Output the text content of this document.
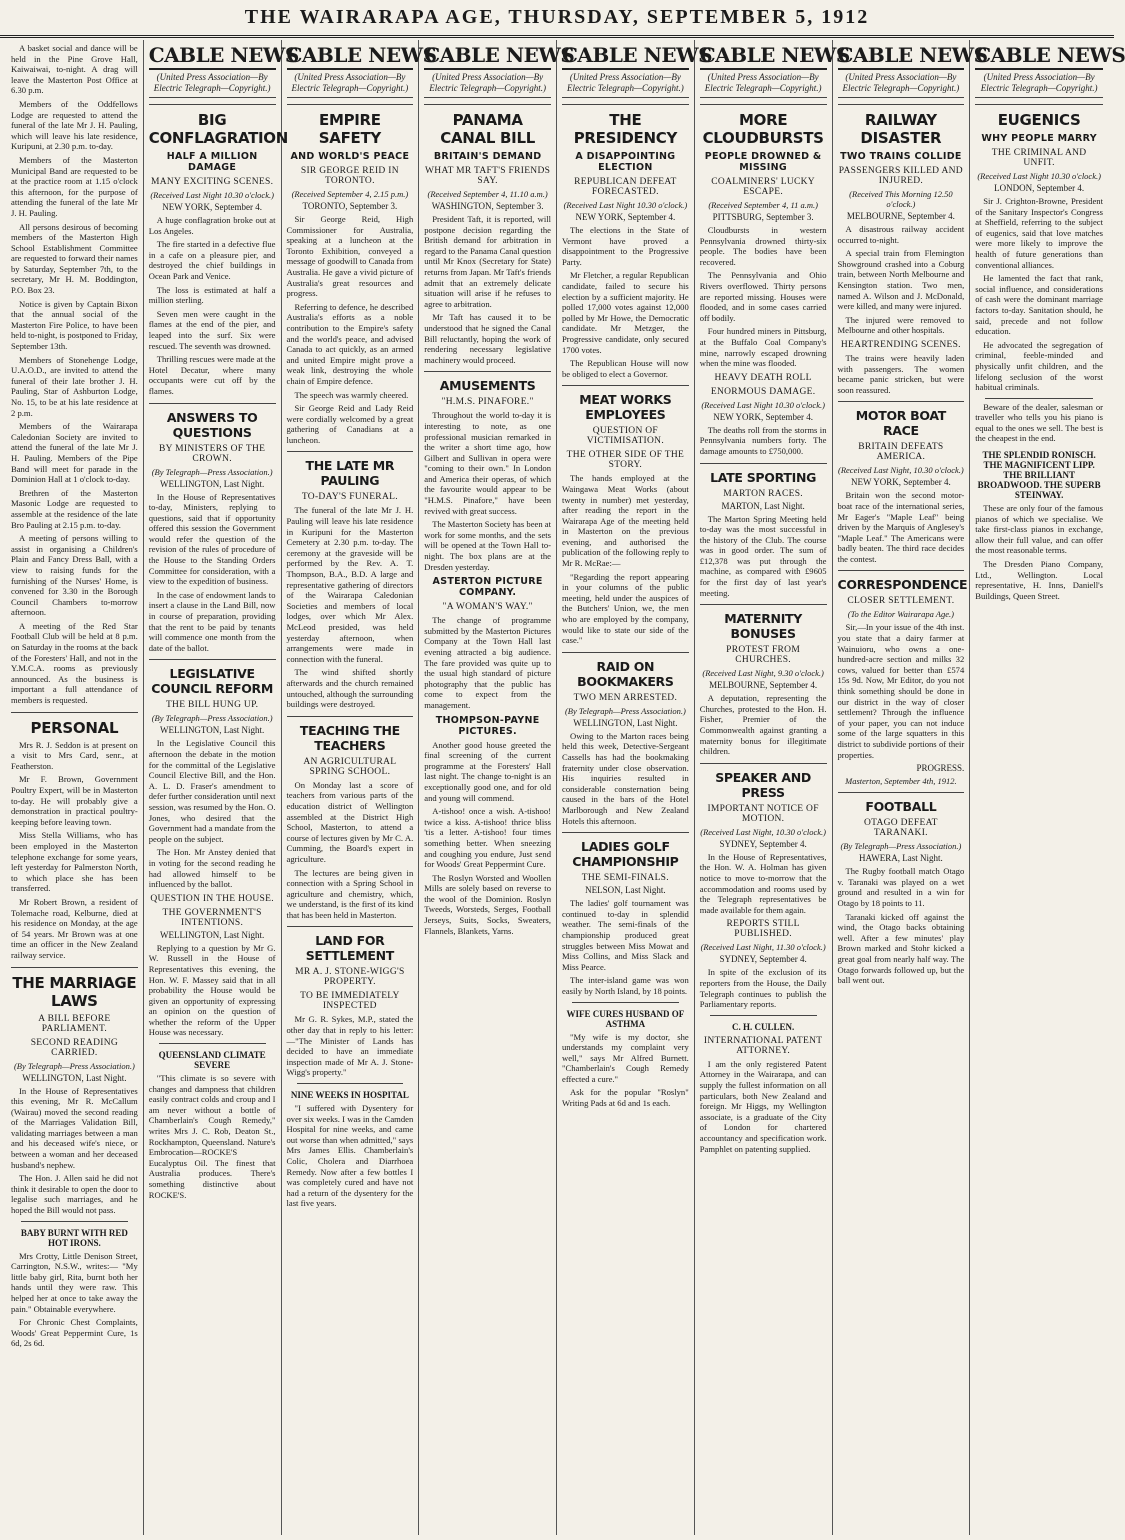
THE WAIRARAPA AGE, THURSDAY, SEPTEMBER 5, 1912

A basket social and dance will be held in the Pine Grove Hall, Kaiwaiwai, to-night. A drag will leave the Masterton Post Office at 6.30 p.m.

Members of the Oddfellows Lodge are requested to attend the funeral of the late Mr J. H. Pauling, which will leave his late residence, Kuripuni, at 2.30 p.m. to-day.

Members of the Masterton Municipal Band are requested to be at the practice room at 1.15 o'clock this afternoon, for the purpose of attending the funeral of the late Mr J. H. Pauling.

All persons desirous of becoming members of the Masterton High School Establishment Committee are requested to forward their names by Saturday, September 7th, to the secretary, Mr H. M. Boddington, P.O. Box 23.

Notice is given by Captain Bixon that the annual social of the Masterton Fire Police, to have been held to-night, is postponed to Friday, September 13th.

Members of Stonehenge Lodge, U.A.O.D., are invited to attend the funeral of their late brother J. H. Pauling, Star of Ashburton Lodge, No. 15, to be at his late residence at 2 p.m.

Members of the Wairarapa Caledonian Society are invited to attend the funeral of the late Mr J. H. Pauling. Members of the Pipe Band will meet for parade in the Dominion Hall at 1 o'clock to-day.

Brethren of the Masterton Masonic Lodge are requested to assemble at the residence of the late Bro Pauling at 2.15 p.m. to-day.

A meeting of persons willing to assist in organising a Children's Plain and Fancy Dress Ball, with a view to raising funds for the furnishing of the Nurses' Home, is convened for 3.30 in the Borough Council Chambers to-morrow afternoon.

A meeting of the Red Star Football Club will be held at 8 p.m. on Saturday in the rooms at the back of the Foresters' Hall, and not in the Y.M.C.A. rooms as previously announced. As the business is important a full attendance of members is requested.

PERSONAL

Mrs R. J. Seddon is at present on a visit to Mrs Card, senr., at Featherston.

Mr F. Brown, Government Poultry Expert, will be in Masterton to-day. He will probably give a demonstration in practical poultry-keeping before leaving town.

Miss Stella Williams, who has been employed in the Masterton telephone exchange for some years, left yesterday for Palmerston North, to which place she has been transferred.

Mr Robert Brown, a resident of Tolemache road, Kelburne, died at his residence on Monday, at the age of 54 years. Mr Brown was at one time an officer in the New Zealand railway service.

THE MARRIAGE LAWS
A BILL BEFORE PARLIAMENT.
SECOND READING CARRIED.
(By Telegraph—Press Association.)
WELLINGTON, Last Night.

In the House of Representatives this evening, Mr R. McCallum (Wairau) moved the second reading of the Marriages Validation Bill, validating marriages between a man and his deceased wife's niece, or between a woman and her deceased husband's nephew.

The Hon. J. Allen said he did not think it desirable to open the door to legalise such marriages, and he hoped the Bill would not pass.

BABY BURNT WITH RED HOT IRONS.

Mrs Crotty, Little Denison Street, Carrington, N.S.W., writes:— "My little baby girl, Rita, burnt both her hands until they were raw. This helped her at once to take away the pain." Obtainable everywhere.

For Chronic Chest Complaints, Woods' Great Peppermint Cure, 1s 6d, 2s 6d.

CABLE NEWS
(United Press Association—By Electric Telegraph—Copyright.)
BIG CONFLAGRATION
HALF A MILLION DAMAGE
MANY EXCITING SCENES.
(Received Last Night 10.30 o'clock.)
NEW YORK, September 4.

A huge conflagration broke out at Los Angeles.

The fire started in a defective flue in a cafe on a pleasure pier, and destroyed the chief buildings in Ocean Park and Venice.

The loss is estimated at half a million sterling.

Seven men were caught in the flames at the end of the pier, and leaped into the surf. Six were rescued. The seventh was drowned.

Thrilling rescues were made at the Hotel Decatur, where many occupants were cut off by the flames.

ANSWERS TO QUESTIONS
BY MINISTERS OF THE CROWN.
(By Telegraph—Press Association.)
WELLINGTON, Last Night.

In the House of Representatives to-day, Ministers, replying to questions, said that if opportunity offered this session the Government would refer the question of the revision of the rules of procedure of the House to the Standing Orders Committee for consideration, with a view to the expedition of business.

In the case of endowment lands to insert a clause in the Land Bill, now in course of preparation, providing that the rent to be paid by tenants will commence one month from the date of the ballot.

LEGISLATIVE COUNCIL REFORM
THE BILL HUNG UP.
(By Telegraph—Press Association.)
WELLINGTON, Last Night.

In the Legislative Council this afternoon the debate in the motion for the committal of the Legislative Council Elective Bill, and the Hon. A. L. D. Fraser's amendment to defer further consideration until next session, was resumed by the Hon. O. Jones, who desired that the Government had a mandate from the people on the subject.

The Hon. Mr Anstey denied that in voting for the second reading he had allowed himself to be influenced by the ballot.

QUESTION IN THE HOUSE.
THE GOVERNMENT'S INTENTIONS.
WELLINGTON, Last Night.

Replying to a question by Mr G. W. Russell in the House of Representatives this evening, the Hon. W. F. Massey said that in all probability the House would be given an opportunity of expressing an opinion on the question of whether the reform of the Upper House was necessary.

QUEENSLAND CLIMATE SEVERE

"This climate is so severe with changes and dampness that children easily contract colds and croup and I am never without a bottle of Chamberlain's Cough Remedy," writes Mrs J. C. Rob, Deaton St., Rockhampton, Queensland. Nature's Embrocation—ROCKE'S Eucalyptus Oil. The finest that Australia produces. There's something distinctive about ROCKE'S.

CABLE NEWS
(United Press Association—By Electric Telegraph—Copyright.)
EMPIRE SAFETY
AND WORLD'S PEACE
SIR GEORGE REID IN TORONTO.
(Received September 4, 2.15 p.m.)
TORONTO, September 3.

Sir George Reid, High Commissioner for Australia, speaking at a luncheon at the Toronto Exhibition, conveyed a message of goodwill to Canada from Australia. He gave a vivid picture of Australia's great resources and progress.

Referring to defence, he described Australia's efforts as a noble contribution to the Empire's safety and the world's peace, and advised Canada to act quickly, as an armed and united Empire might prove a weak link, destroying the whole chain of Empire defence.

The speech was warmly cheered.

Sir George Reid and Lady Reid were cordially welcomed by a great gathering of Canadians at a luncheon.

THE LATE MR PAULING
TO-DAY'S FUNERAL.

The funeral of the late Mr J. H. Pauling will leave his late residence in Kuripuni for the Masterton Cemetery at 2.30 p.m. to-day. The ceremony at the graveside will be performed by the Rev. A. T. Thompson, B.A., B.D. A large and representative gathering of directors of the Wairarapa Caledonian Societies and members of local lodges, over which Mr Alex. McLeod presided, was held yesterday afternoon, when arrangements were made in connection with the funeral.

The wind shifted shortly afterwards and the church remained untouched, although the surrounding buildings were destroyed.

TEACHING THE TEACHERS
AN AGRICULTURAL SPRING SCHOOL.

On Monday last a score of teachers from various parts of the education district of Wellington assembled at the District High School, Masterton, to attend a course of lectures given by Mr C. A. Cumming, the Board's expert in agriculture.

The lectures are being given in connection with a Spring School in agriculture and chemistry, which, we understand, is the first of its kind that has been held in Masterton.

LAND FOR SETTLEMENT
MR A. J. STONE-WIGG'S PROPERTY.
TO BE IMMEDIATELY INSPECTED

Mr G. R. Sykes, M.P., stated the other day that in reply to his letter:—"The Minister of Lands has decided to have an immediate inspection made of Mr A. J. Stone-Wigg's property."

NINE WEEKS IN HOSPITAL

"I suffered with Dysentery for over six weeks. I was in the Camden Hospital for nine weeks, and came out worse than when admitted," says Mrs James Ellis. Chamberlain's Colic, Cholera and Diarrhoea Remedy. Now after a few bottles I was completely cured and have not had a return of the dysentery for the last five years.

CABLE NEWS
(United Press Association—By Electric Telegraph—Copyright.)
PANAMA CANAL BILL
BRITAIN'S DEMAND
WHAT MR TAFT'S FRIENDS SAY.
(Received September 4, 11.10 a.m.)
WASHINGTON, September 3.

President Taft, it is reported, will postpone decision regarding the British demand for arbitration in regard to the Panama Canal question until Mr Knox (Secretary for State) returns from Japan. Mr Taft's friends admit that an extremely delicate situation will arise if he refuses to agree to arbitration.

Mr Taft has caused it to be understood that he signed the Canal Bill reluctantly, hoping the work of rendering necessary legislative machinery would proceed.

AMUSEMENTS
"H.M.S. PINAFORE."

Throughout the world to-day it is interesting to note, as one professional musician remarked in the writer a short time ago, how Gilbert and Sullivan in opera were "coming to their own." In London and America their operas, of which the favourite would appear to be "H.M.S. Pinafore," have been revived with great success.

The Masterton Society has been at work for some months, and the sets will be opened at the Town Hall to-night. The box plans are at the Dresden yesterday.

ASTERTON PICTURE COMPANY.
"A WOMAN'S WAY."

The change of programme submitted by the Masterton Pictures Company at the Town Hall last evening attracted a big audience. The fare provided was quite up to the usual high standard of picture photography that the public has come to expect from the management.

THOMPSON-PAYNE PICTURES.

Another good house greeted the final screening of the current programme at the Foresters' Hall last night. The change to-night is an exceptionally good one, and for old and young will commend.

A-tishoo! once a wish. A-tishoo! twice a kiss. A-tishoo! thrice bliss 'tis a letter. A-tishoo! four times something better. When sneezing and coughing you endure, Just send for Woods' Great Peppermint Cure.

The Roslyn Worsted and Woollen Mills are solely based on reverse to the wool of the Dominion. Roslyn Tweeds, Worsteds, Serges, Football Jerseys, Suits, Socks, Sweaters, Flannels, Blankets, Yarns.

CABLE NEWS
(United Press Association—By Electric Telegraph—Copyright.)
THE PRESIDENCY
A DISAPPOINTING ELECTION
REPUBLICAN DEFEAT FORECASTED.
(Received Last Night 10.30 o'clock.)
NEW YORK, September 4.

The elections in the State of Vermont have proved a disappointment to the Progressive Party.

Mr Fletcher, a regular Republican candidate, failed to secure his election by a sufficient majority. He polled 17,000 votes against 12,000 polled by Mr Howe, the Democratic candidate. Mr Metzger, the Progressive candidate, only secured 1700 votes.

The Republican House will now be obliged to elect a Governor.

MEAT WORKS EMPLOYEES
QUESTION OF VICTIMISATION.
THE OTHER SIDE OF THE STORY.

The hands employed at the Waingawa Meat Works (about twenty in number) met yesterday, after reading the report in the Wairarapa Age of the meeting held in Masterton on the previous evening, and authorised the publication of the following reply to Mr R. McRae:—

"Regarding the report appearing in your columns of the public meeting, held under the auspices of the Butchers' Union, we, the men who are employed by the company, would like to state our side of the case."

RAID ON BOOKMAKERS
TWO MEN ARRESTED.
(By Telegraph—Press Association.)
WELLINGTON, Last Night.

Owing to the Marton races being held this week, Detective-Sergeant Cassells has had the bookmaking fraternity under close observation. His inquiries resulted in considerable consternation being caused in the bars of the Hotel Marlborough and New Zealand Hotels this afternoon.

LADIES GOLF CHAMPIONSHIP
THE SEMI-FINALS.
NELSON, Last Night.

The ladies' golf tournament was continued to-day in splendid weather. The semi-finals of the championship produced great struggles between Miss Mowat and Miss Collins, and Miss Slack and Miss Pearce.

The inter-island game was won easily by North Island, by 18 points.

WIFE CURES HUSBAND OF ASTHMA

"My wife is my doctor, she understands my complaint very well," says Mr Alfred Burnett. "Chamberlain's Cough Remedy effected a cure."

Ask for the popular "Roslyn" Writing Pads at 6d and 1s each.

CABLE NEWS
(United Press Association—By Electric Telegraph—Copyright.)
MORE CLOUDBURSTS
PEOPLE DROWNED & MISSING
COALMINERS' LUCKY ESCAPE.
(Received September 4, 11 a.m.)
PITTSBURG, September 3.

Cloudbursts in western Pennsylvania drowned thirty-six people. The bodies have been recovered.

The Pennsylvania and Ohio Rivers overflowed. Thirty persons are reported missing. Houses were flooded, and in some cases carried off bodily.

Four hundred miners in Pittsburg, at the Buffalo Coal Company's mine, narrowly escaped drowning when the mine was flooded.

HEAVY DEATH ROLL
ENORMOUS DAMAGE.
(Received Last Night 10.30 o'clock.)
NEW YORK, September 4.

The deaths roll from the storms in Pennsylvania numbers forty. The damage amounts to £750,000.

LATE SPORTING
MARTON RACES.
MARTON, Last Night.

The Marton Spring Meeting held to-day was the most successful in the history of the Club. The course was in good order. The sum of £12,378 was put through the machine, as compared with £9605 for the first day of last year's meeting.

MATERNITY BONUSES
PROTEST FROM CHURCHES.
(Received Last Night, 9.30 o'clock.)
MELBOURNE, September 4.

A deputation, representing the Churches, protested to the Hon. H. Fisher, Premier of the Commonwealth against granting a maternity bonus for illegitimate children.

SPEAKER AND PRESS
IMPORTANT NOTICE OF MOTION.
(Received Last Night, 10.30 o'clock.)
SYDNEY, September 4.

In the House of Representatives, the Hon. W. A. Holman has given notice to move to-morrow that the accommodation and rooms used by the Telegraph representatives be made available for them again.

REPORTS STILL PUBLISHED.
(Received Last Night, 11.30 o'clock.)
SYDNEY, September 4.

In spite of the exclusion of its reporters from the House, the Daily Telegraph continues to publish the Parliamentary reports.

C. H. CULLEN.
INTERNATIONAL PATENT ATTORNEY.

I am the only registered Patent Attorney in the Wairarapa, and can supply the fullest information on all particulars, both New Zealand and foreign. Mr Higgs, my Wellington associate, is a graduate of the City of London for chartered accountancy and specification work. Pamphlet on patenting supplied.

CABLE NEWS
(United Press Association—By Electric Telegraph—Copyright.)
RAILWAY DISASTER
TWO TRAINS COLLIDE
PASSENGERS KILLED AND INJURED.
(Received This Morning 12.50 o'clock.)
MELBOURNE, September 4.

A disastrous railway accident occurred to-night.

A special train from Flemington Showground crashed into a Coburg train, between North Melbourne and Kensington station. Two men, named A. Wilson and J. McDonald, were killed, and many were injured.

The injured were removed to Melbourne and other hospitals.

HEARTRENDING SCENES.

The trains were heavily laden with passengers. The women became panic stricken, but were soon reassured.

MOTOR BOAT RACE
BRITAIN DEFEATS AMERICA.
(Received Last Night, 10.30 o'clock.)
NEW YORK, September 4.

Britain won the second motor-boat race of the international series, Mr Eager's "Maple Leaf" being driven by the Marquis of Anglesey's "Maple Leaf." The Americans were badly beaten. The third race decides the contest.

CORRESPONDENCE
CLOSER SETTLEMENT.
(To the Editor Wairarapa Age.)

Sir,—In your issue of the 4th inst. you state that a dairy farmer at Wainuioru, who owns a one-hundred-acre section and milks 32 cows, valued for better than £574 15s 9d. Now, Mr Editor, do you not think something should be done in our district in the way of closer settlement? Through the influence of your paper, you can not induce some of the large squatters in this district to subdivide portions of their properties.

PROGRESS.
Masterton, September 4th, 1912.
FOOTBALL
OTAGO DEFEAT TARANAKI.
(By Telegraph—Press Association.)
HAWERA, Last Night.

The Rugby football match Otago v. Taranaki was played on a wet ground and resulted in a win for Otago by 18 points to 11.

Taranaki kicked off against the wind, the Otago backs obtaining well. After a few minutes' play Brown marked and Stohr kicked a great goal from nearly half way. The Otago forwards followed up, but the ball went out.

CABLE NEWS
(United Press Association—By Electric Telegraph—Copyright.)
EUGENICS
WHY PEOPLE MARRY
THE CRIMINAL AND UNFIT.
(Received Last Night 10.30 o'clock.)
LONDON, September 4.

Sir J. Crighton-Browne, President of the Sanitary Inspector's Congress at Sheffield, referring to the subject of eugenics, said that love matches were more likely to improve the health of future generations than conventional alliances.

He lamented the fact that rank, social influence, and considerations of cash were the dominant marriage factors to-day. Sanitation should, he said, precede and not follow education.

He advocated the segregation of criminal, feeble-minded and physically unfit children, and the lifelong seclusion of the worst habitual criminals.

Beware of the dealer, salesman or traveller who tells you his piano is equal to the ones we sell. The best is the cheapest in the end.

THE SPLENDID RONISCH. THE MAGNIFICENT LIPP. THE BRILLIANT BROADWOOD. THE SUPERB STEINWAY.

These are only four of the famous pianos of which we specialise. We take first-class pianos in exchange, allow their full value, and can offer the most reasonable terms.

The Dresden Piano Company, Ltd., Wellington. Local representative, H. Inns, Daniell's Buildings, Queen Street.
